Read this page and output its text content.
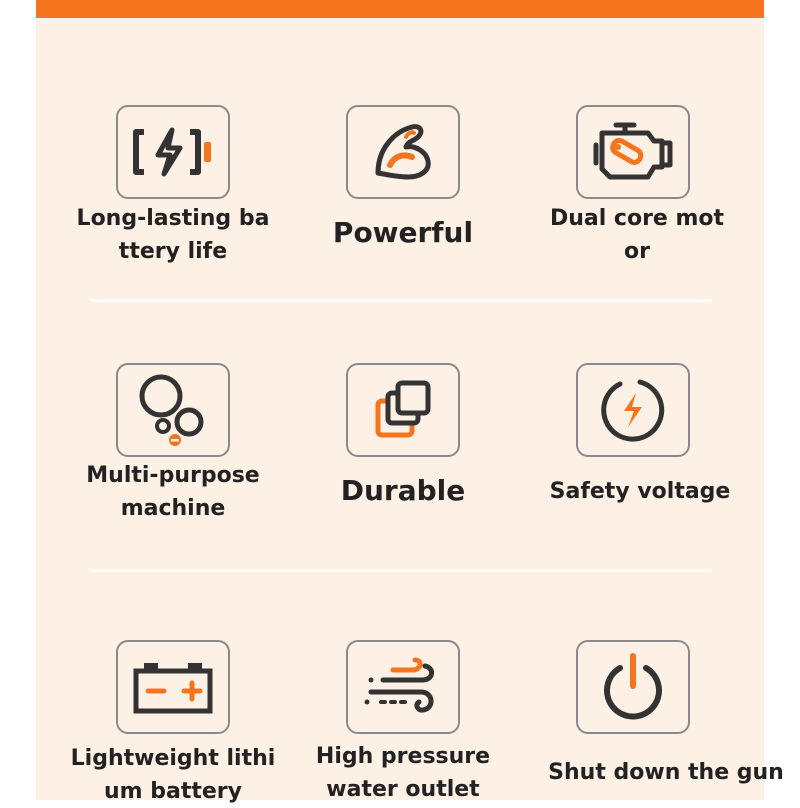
Long-lasting ba
ttery life
Powerful	Dual core mot
or
Multi-purpose
machine
Durable	Safety voltage
Lightweight lithi
um battery
High pressure
water outlet
Shut down the gun
